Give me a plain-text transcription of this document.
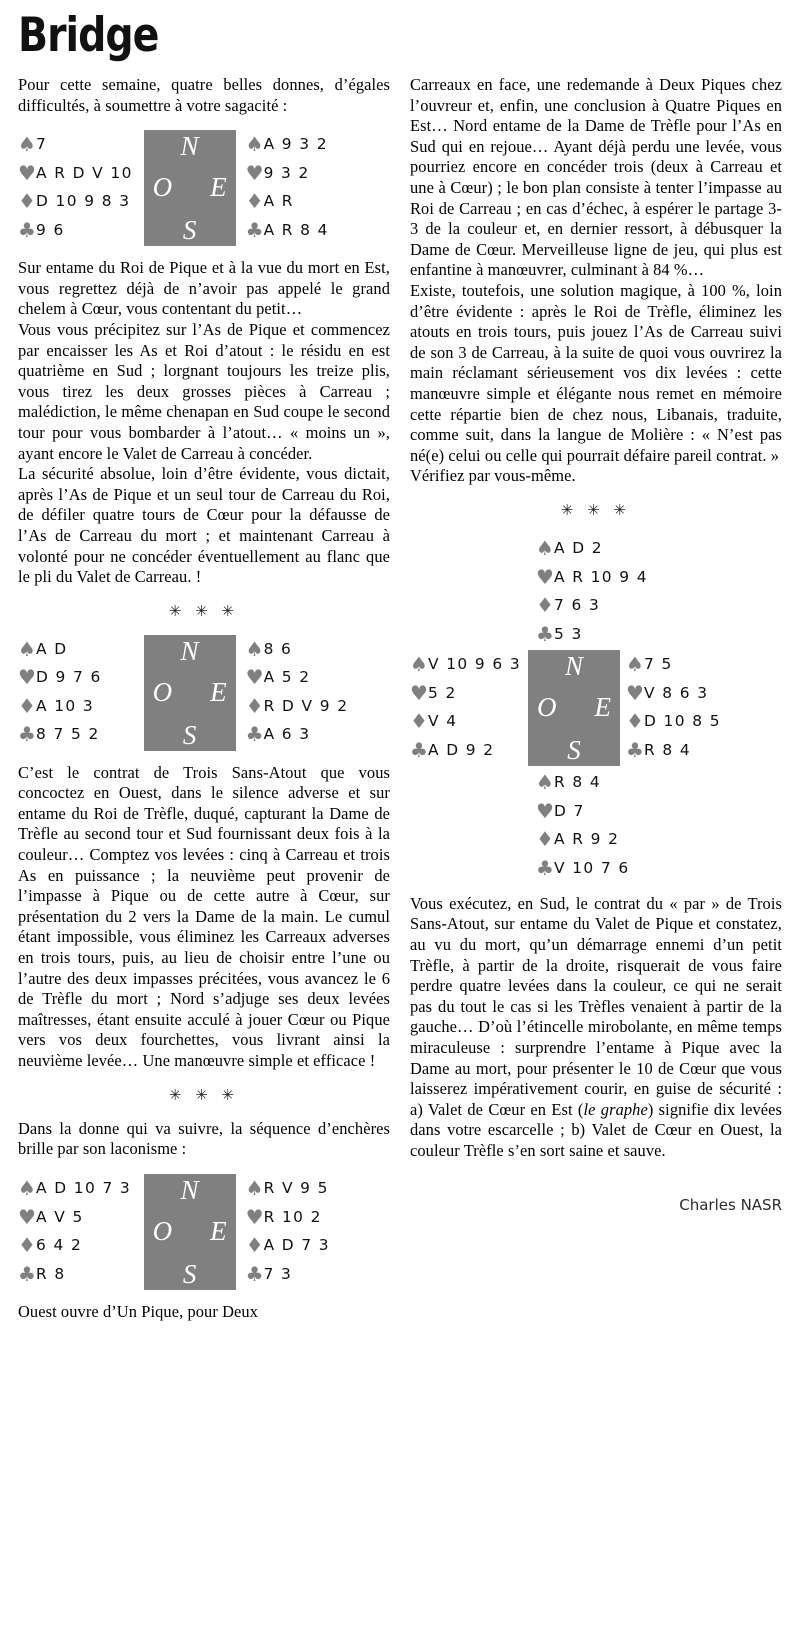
Bridge

Pour cette semaine, quatre belles donnes, d’égales difficultés, à soumettre à votre sagacité :

♠ 7
♥ A R D V 10
♦ D 10 9 8 3
♣ 9 6
N
O E
S
♠ A 9 3 2
♥ 9 3 2
♦ A R
♣ A R 8 4

Sur entame du Roi de Pique et à la vue du mort en Est, vous regrettez déjà de n’avoir pas appelé le grand chelem à Cœur, vous contentant du petit…

Vous vous précipitez sur l’As de Pique et commencez par encaisser les As et Roi d’atout : le résidu en est quatrième en Sud ; lorgnant toujours les treize plis, vous tirez les deux grosses pièces à Carreau ; malédiction, le même chenapan en Sud coupe le second tour pour vous bombarder à l’atout… « moins un », ayant encore le Valet de Carreau à concéder.

La sécurité absolue, loin d’être évidente, vous dictait, après l’As de Pique et un seul tour de Carreau du Roi, de défiler quatre tours de Cœur pour la défausse de l’As de Carreau du mort ; et maintenant Carreau à volonté pour ne concéder éventuellement au flanc que le pli du Valet de Carreau. !

✳ ✳ ✳
♠ A D
♥ D 9 7 6
♦ A 10 3
♣ 8 7 5 2
N
O E
S
♠ 8 6
♥ A 5 2
♦ R D V 9 2
♣ A 6 3

C’est le contrat de Trois Sans-Atout que vous concoctez en Ouest, dans le silence adverse et sur entame du Roi de Trèfle, duqué, capturant la Dame de Trèfle au second tour et Sud fournissant deux fois à la couleur… Comptez vos levées : cinq à Carreau et trois As en puissance ; la neuvième peut provenir de l’impasse à Pique ou de cette autre à Cœur, sur présentation du 2 vers la Dame de la main. Le cumul étant impossible, vous éliminez les Carreaux adverses en trois tours, puis, au lieu de choisir entre l’une ou l’autre des deux impasses précitées, vous avancez le 6 de Trèfle du mort ; Nord s’adjuge ses deux levées maîtresses, étant ensuite acculé à jouer Cœur ou Pique vers vos deux fourchettes, vous livrant ainsi la neuvième levée… Une manœuvre simple et efficace !

✳ ✳ ✳

Dans la donne qui va suivre, la séquence d’enchères brille par son laconisme :

♠ A D 10 7 3
♥ A V 5
♦ 6 4 2
♣ R 8
N
O E
S
♠ R V 9 5
♥ R 10 2
♦ A D 7 3
♣ 7 3

Ouest ouvre d’Un Pique, pour Deux

Carreaux en face, une redemande à Deux Piques chez l’ouvreur et, enfin, une conclusion à Quatre Piques en Est… Nord entame de la Dame de Trèfle pour l’As en Sud qui en rejoue… Ayant déjà perdu une levée, vous pourriez encore en concéder trois (deux à Carreau et une à Cœur) ; le bon plan consiste à tenter l’impasse au Roi de Carreau ; en cas d’échec, à espérer le partage 3-3 de la couleur et, en dernier ressort, à débusquer la Dame de Cœur. Merveilleuse ligne de jeu, qui plus est enfantine à manœuvrer, culminant à 84 %…

Existe, toutefois, une solution magique, à 100 %, loin d’être évidente : après le Roi de Trèfle, éliminez les atouts en trois tours, puis jouez l’As de Carreau suivi de son 3 de Carreau, à la suite de quoi vous ouvrirez la main réclamant sérieusement vos dix levées : cette manœuvre simple et élégante nous remet en mémoire cette répartie bien de chez nous, Libanais, traduite, comme suit, dans la langue de Molière : « N’est pas né(e) celui ou celle qui pourrait défaire pareil contrat. »

Vérifiez par vous-même.

✳ ✳ ✳
♠ A D 2
♥ A R 10 9 4
♦ 7 6 3
♣ 5 3
♠ V 10 9 6 3
♥ 5 2
♦ V 4
♣ A D 9 2
N
O E
S
♠ 7 5
♥ V 8 6 3
♦ D 10 8 5
♣ R 8 4
♠ R 8 4
♥ D 7
♦ A R 9 2
♣ V 10 7 6

Vous exécutez, en Sud, le contrat du « par » de Trois Sans-Atout, sur entame du Valet de Pique et constatez, au vu du mort, qu’un démarrage ennemi d’un petit Trèfle, à partir de la droite, risquerait de vous faire perdre quatre levées dans la couleur, ce qui ne serait pas du tout le cas si les Trèfles venaient à partir de la gauche… D’où l’étincelle mirobolante, en même temps miraculeuse : surprendre l’entame à Pique avec la Dame au mort, pour présenter le 10 de Cœur que vous laisserez impérativement courir, en guise de sécurité : a) Valet de Cœur en Est (le graphe) signifie dix levées dans votre escarcelle ; b) Valet de Cœur en Ouest, la couleur Trèfle s’en sort saine et sauve.

Charles NASR
